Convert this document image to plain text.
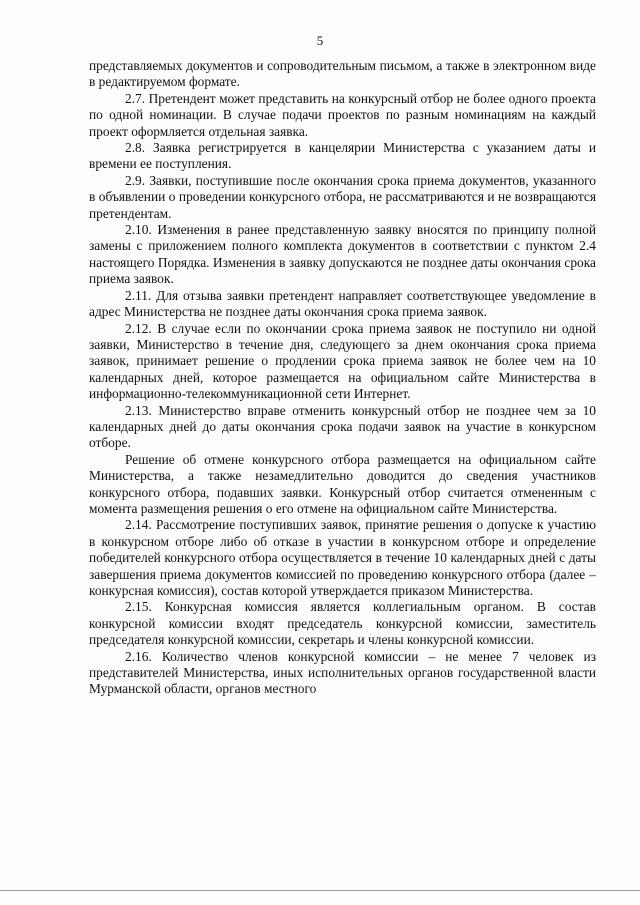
5

представляемых документов и сопроводительным письмом, а также в электронном виде в редактируемом формате.

2.7. Претендент может представить на конкурсный отбор не более одного проекта по одной номинации. В случае подачи проектов по разным номинациям на каждый проект оформляется отдельная заявка.

2.8. Заявка регистрируется в канцелярии Министерства с указанием даты и времени ее поступления.

2.9. Заявки, поступившие после окончания срока приема документов, указанного в объявлении о проведении конкурсного отбора, не рассматриваются и не возвращаются претендентам.

2.10. Изменения в ранее представленную заявку вносятся по принципу полной замены с приложением полного комплекта документов в соответствии с пунктом 2.4 настоящего Порядка. Изменения в заявку допускаются не позднее даты окончания срока приема заявок.

2.11. Для отзыва заявки претендент направляет соответствующее уведомление в адрес Министерства не позднее даты окончания срока приема заявок.

2.12. В случае если по окончании срока приема заявок не поступило ни одной заявки, Министерство в течение дня, следующего за днем окончания срока приема заявок, принимает решение о продлении срока приема заявок не более чем на 10 календарных дней, которое размещается на официальном сайте Министерства в информационно-телекоммуникационной сети Интернет.

2.13. Министерство вправе отменить конкурсный отбор не позднее чем за 10 календарных дней до даты окончания срока подачи заявок на участие в конкурсном отборе.

Решение об отмене конкурсного отбора размещается на официальном сайте Министерства, а также незамедлительно доводится до сведения участников конкурсного отбора, подавших заявки. Конкурсный отбор считается отмененным с момента размещения решения о его отмене на официальном сайте Министерства.

2.14. Рассмотрение поступивших заявок, принятие решения о допуске к участию в конкурсном отборе либо об отказе в участии в конкурсном отборе и определение победителей конкурсного отбора осуществляется в течение 10 календарных дней с даты завершения приема документов комиссией по проведению конкурсного отбора (далее – конкурсная комиссия), состав которой утверждается приказом Министерства.

2.15. Конкурсная комиссия является коллегиальным органом. В состав конкурсной комиссии входят председатель конкурсной комиссии, заместитель председателя конкурсной комиссии, секретарь и члены конкурсной комиссии.

2.16. Количество членов конкурсной комиссии – не менее 7 человек из представителей Министерства, иных исполнительных органов государственной власти Мурманской области, органов местного
